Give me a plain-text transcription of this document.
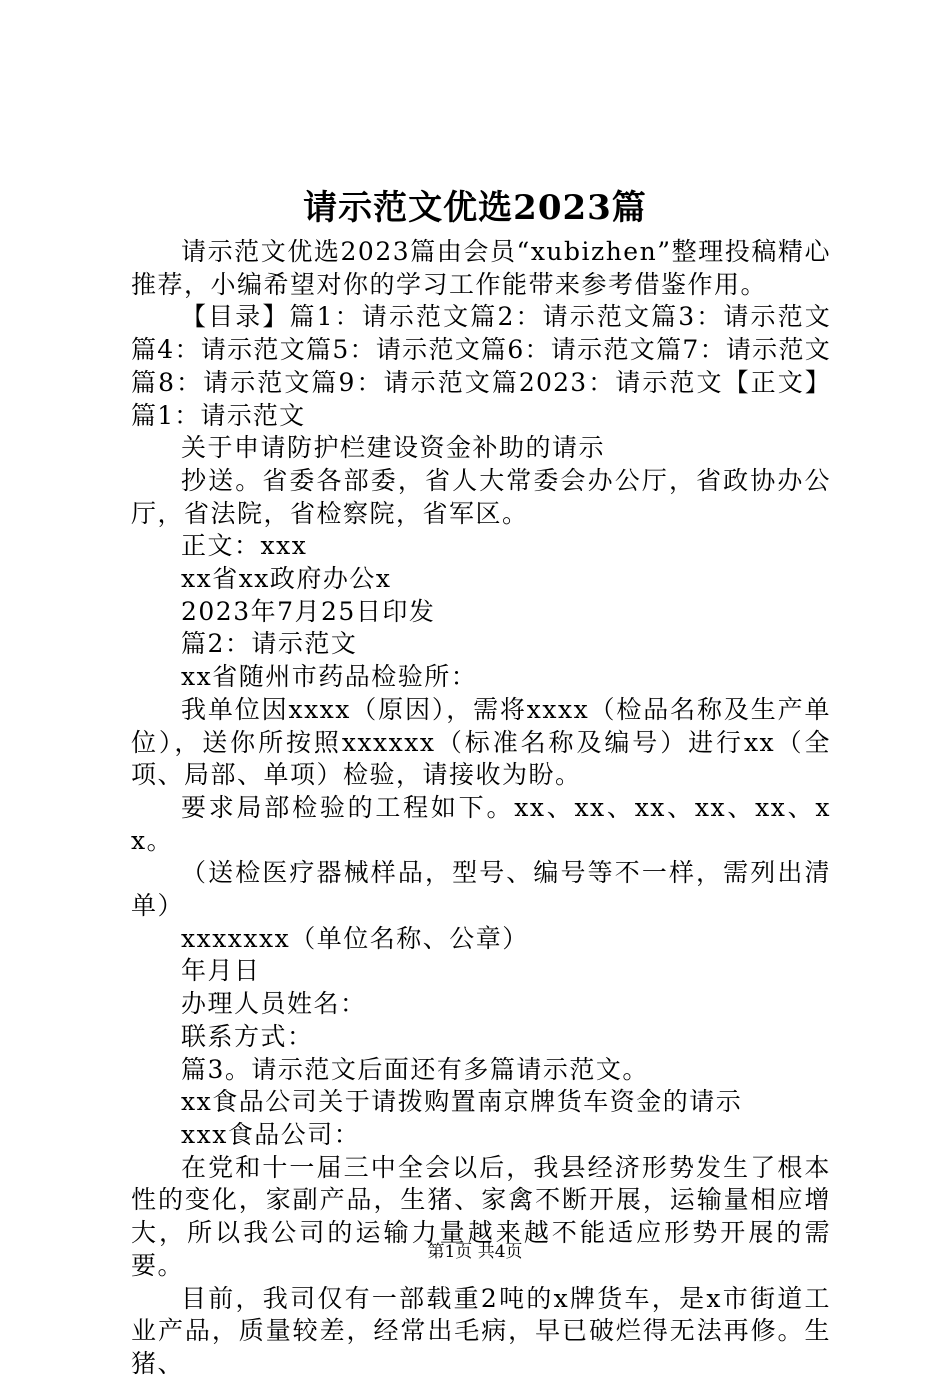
请示范文优选2023篇

请示范文优选2023篇由会员“xubizhen”整理投稿精心推荐，小编希望对你的学习工作能带来参考借鉴作用。

【目录】篇1：请示范文篇2：请示范文篇3：请示范文篇4：请示范文篇5：请示范文篇6：请示范文篇7：请示范文篇8：请示范文篇9：请示范文篇2023：请示范文【正文】篇1：请示范文

关于申请防护栏建设资金补助的请示

抄送。省委各部委，省人大常委会办公厅，省政协办公厅，省法院，省检察院，省军区。

正文：xxx

xx省xx政府办公x

2023年7月25日印发

篇2：请示范文

xx省随州市药品检验所：

我单位因xxxx（原因），需将xxxx（检品名称及生产单位），送你所按照xxxxxx（标准名称及编号）进行xx（全项、局部、单项）检验，请接收为盼。

要求局部检验的工程如下。xx、xx、xx、xx、xx、xx。

（送检医疗器械样品，型号、编号等不一样，需列出清单）

xxxxxxx（单位名称、公章）

年月日

办理人员姓名：

联系方式：

篇3。请示范文后面还有多篇请示范文。

xx食品公司关于请拨购置南京牌货车资金的请示

xxx食品公司：

在党和十一届三中全会以后，我县经济形势发生了根本性的变化，家副产品，生猪、家禽不断开展，运输量相应增大，所以我公司的运输力量越来越不能适应形势开展的需要。

目前，我司仅有一部载重2吨的x牌货车，是x市街道工业产品，质量较差，经常出毛病，早已破烂得无法再修。生猪、

第1页 共4页
